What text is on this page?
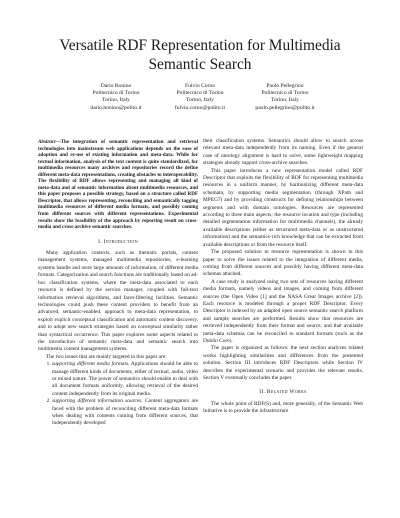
Versatile RDF Representation for Multimedia
Semantic Search
Dario Bonino
Politecnico di Torino
Torino, Italy
dario.bonino@polito.it
Fulvio Corno
Politecnico di Torino
Torino, Italy
fulvio.corno@polito.it
Paolo Pellegrino
Politecnico di Torino
Torino, Italy
paolo.pellegrino@polito.it

Abstract—The integration of semantic representation and retrieval technologies into mainstream web applications depends on the ease of adoption and re-use of existing information and meta-data. While for textual information, analysis of the text content is quite standardized, for multimedia resources many archives and repositories record the define different meta-data representations, creating obstacles to interoperability. The flexibility of RDF allows representing and managing all kind of meta-data and of semantic information about multimedia resources, and this paper proposes a possible strategy, based on a structure called RDF Descriptor, that allows representing, reconciling and semantically tagging multimedia resources of different media formats, and possibly coming from different sources with different representations. Experimental results show the feasibility of the approach by reporting result on cross-media and cross-archive semantic searches.

I. Introduction

Many application contexts, such as thematic portals, content management systems, managed multimedia repositories, e-learning systems handle and store large amounts of information, of different media formats. Categorization and search functions are traditionally based on ad-hoc classification systems, where the meta-data associated to each resource is defined by the service manager, coupled with full-text information retrieval algorithms, and facet-filtering facilities. Semantic technologies could push these content providers to benefit from an advanced, semantic-enabled, approach to meta-data representation, to exploit explicit conceptual classification and automatic content discovery, and to adopt new search strategies based on conceptual similarity rather than syntactical occurrence. This paper explores some aspects related to the introduction of semantic meta-data and semantic search into multimedia content management systems.

The two issues that are mainly targeted in this paper are:

1. supporting different media formats. Applications should be able to manage different kinds of documents, either of textual, audio, video or mixed nature. The power of semantics should enable to deal with all document formats uniformly, allowing retrieval of the desired content independently from its original media.
2. supporting different information sources. Content aggregators are faced with the problem of reconciling different meta-data formats when dealing with contents coming from different sources, that independently developed

their classification systems. Semantics should allow to search across relevant meta-data independently from its naming. Even if the general case of ontology alignment is hard to solve, some lightweight mapping strategies already support cross-archive searches.

This paper introduces a new representation model called RDF Descriptor that exploits the flexibility of RDF for representing multimedia resources in a uniform manner, by harmonizing different meta-data schemata, by supporting media segmentation (through XPath and MPEG7) and by providing constructs for defining relationships between segments and with domain ontologies. Resources are represented according to three main aspects: the resource location and type (including detailed segmentation information for multimedia channels), the already available descriptions (either as structured meta-data or as unstructured information) and the semantics-rich knowledge that can be extracted from available descriptions or from the resource itself.

The proposed solution to resource representation is shown in this paper to solve the issues related to the integration of different media, coming from different sources and possibly having different meta-data schemas attached.

A case study is analyzed using two sets of resources having different media formats, namely videos and images, and coming from different sources (the Open Video [1] and the NASA Great Images archive [2]). Each resource is modeled through a proper RDF Descriptor. Every Descriptor is indexed by an adapted open source semantic search platform and sample searches are performed. Results show that resources are retrieved independently from their format and source, and that available meta-data schemas can be reconciled to standard formats (such as the Dublin Core).

The paper is organized as follows: the next section analyzes related works highlighting similarities and differences from the presented solution. Section III introduces RDF Descriptors while Section IV describes the experimental scenario and provides the relevant results. Section V eventually concludes the paper.

II. Related Works

The whole point of RDF(S) and, more generally, of the Semantic Web Initiative is to provide the infrastructure
